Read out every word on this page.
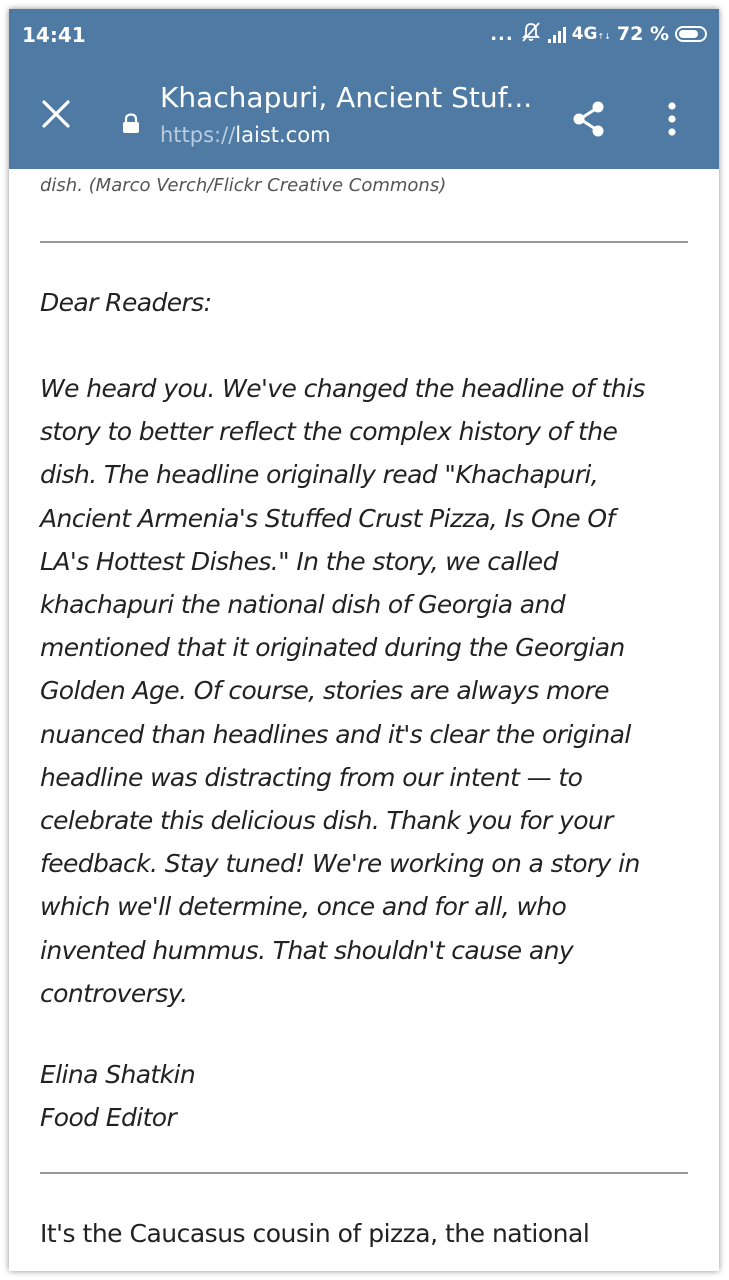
14:41	...	4G↑↓ 72 %
Khachapuri, Ancient Stuf...
https://laist.com
dish. (Marco Verch/Flickr Creative Commons)
Dear Readers:
We heard you. We've changed the headline of this
story to better reflect the complex history of the
dish. The headline originally read "Khachapuri,
Ancient Armenia's Stuffed Crust Pizza, Is One Of
LA's Hottest Dishes." In the story, we called
khachapuri the national dish of Georgia and
mentioned that it originated during the Georgian
Golden Age. Of course, stories are always more
nuanced than headlines and it's clear the original
headline was distracting from our intent — to
celebrate this delicious dish. Thank you for your
feedback. Stay tuned! We're working on a story in
which we'll determine, once and for all, who
invented hummus. That shouldn't cause any
controversy.
Elina Shatkin
Food Editor
It's the Caucasus cousin of pizza, the national
